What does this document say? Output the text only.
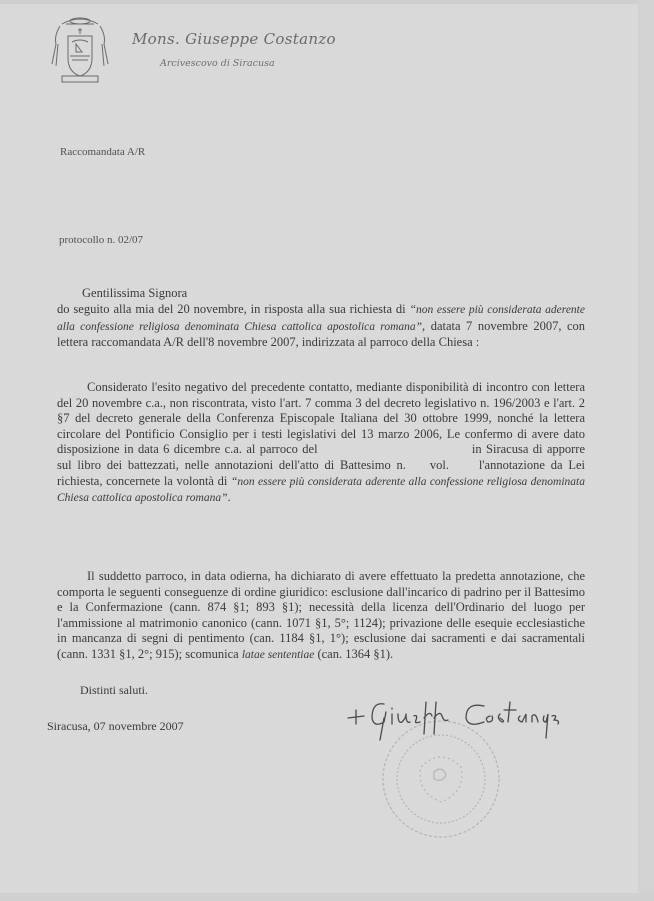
Mons. Giuseppe Costanzo
Arcivescovo di Siracusa
Raccomandata A/R
protocollo n. 02/07
Gentilissima Signora
do seguito alla mia del 20 novembre, in risposta alla sua richiesta di “non essere più considerata aderente alla confessione religiosa denominata Chiesa cattolica apostolica romana”, datata 7 novembre 2007, con lettera raccomandata A/R dell'8 novembre 2007, indirizzata al parroco della Chiesa :
Considerato l'esito negativo del precedente contatto, mediante disponibilità di incontro con lettera del 20 novembre c.a., non riscontrata, visto l'art. 7 comma 3 del decreto legislativo n. 196/2003 e l'art. 2 §7 del decreto generale della Conferenza Episcopale Italiana del 30 ottobre 1999, nonché la lettera circolare del Pontificio Consiglio per i testi legislativi del 13 marzo 2006, Le confermo di avere dato disposizione in data 6 dicembre c.a. al parroco del	in Siracusa di apporre sul libro dei battezzati, nelle annotazioni dell'atto di Battesimo n. vol. l'annotazione da Lei richiesta, concernete la volontà di “non essere più considerata aderente alla confessione religiosa denominata Chiesa cattolica apostolica romana”.
Il suddetto parroco, in data odierna, ha dichiarato di avere effettuato la predetta annotazione, che comporta le seguenti conseguenze di ordine giuridico: esclusione dall'incarico di padrino per il Battesimo e la Confermazione (cann. 874 §1; 893 §1); necessità della licenza dell'Ordinario del luogo per l'ammissione al matrimonio canonico (cann. 1071 §1, 5°; 1124); privazione delle esequie ecclesiastiche in mancanza di segni di pentimento (can. 1184 §1, 1°); esclusione dai sacramenti e dai sacramentali (cann. 1331 §1, 2°; 915); scomunica latae sententiae (can. 1364 §1).
Distinti saluti.
Siracusa, 07 novembre 2007
